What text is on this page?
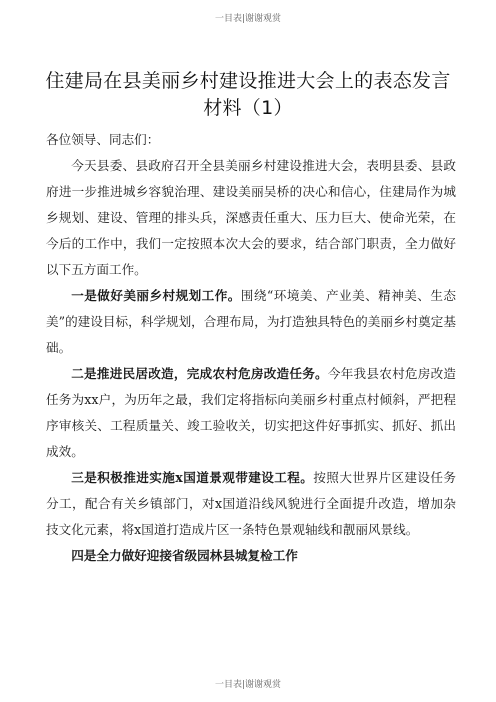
一目表|谢谢观赏
住建局在县美丽乡村建设推进大会上的表态发言材料（1）

各位领导、同志们：

今天县委、县政府召开全县美丽乡村建设推进大会，表明县委、县政府进一步推进城乡容貌治理、建设美丽吴桥的决心和信心，住建局作为城乡规划、建设、管理的排头兵，深感责任重大、压力巨大、使命光荣，在今后的工作中，我们一定按照本次大会的要求，结合部门职责，全力做好以下五方面工作。

一是做好美丽乡村规划工作。围绕“环境美、产业美、精神美、生态美”的建设目标，科学规划，合理布局，为打造独具特色的美丽乡村奠定基础。

二是推进民居改造，完成农村危房改造任务。今年我县农村危房改造任务为xx户，为历年之最，我们定将指标向美丽乡村重点村倾斜，严把程序审核关、工程质量关、竣工验收关，切实把这件好事抓实、抓好、抓出成效。

三是积极推进实施x国道景观带建设工程。按照大世界片区建设任务分工，配合有关乡镇部门，对x国道沿线风貌进行全面提升改造，增加杂技文化元素，将x国道打造成片区一条特色景观轴线和靓丽风景线。

四是全力做好迎接省级园林县城复检工作

一目表|谢谢观赏
